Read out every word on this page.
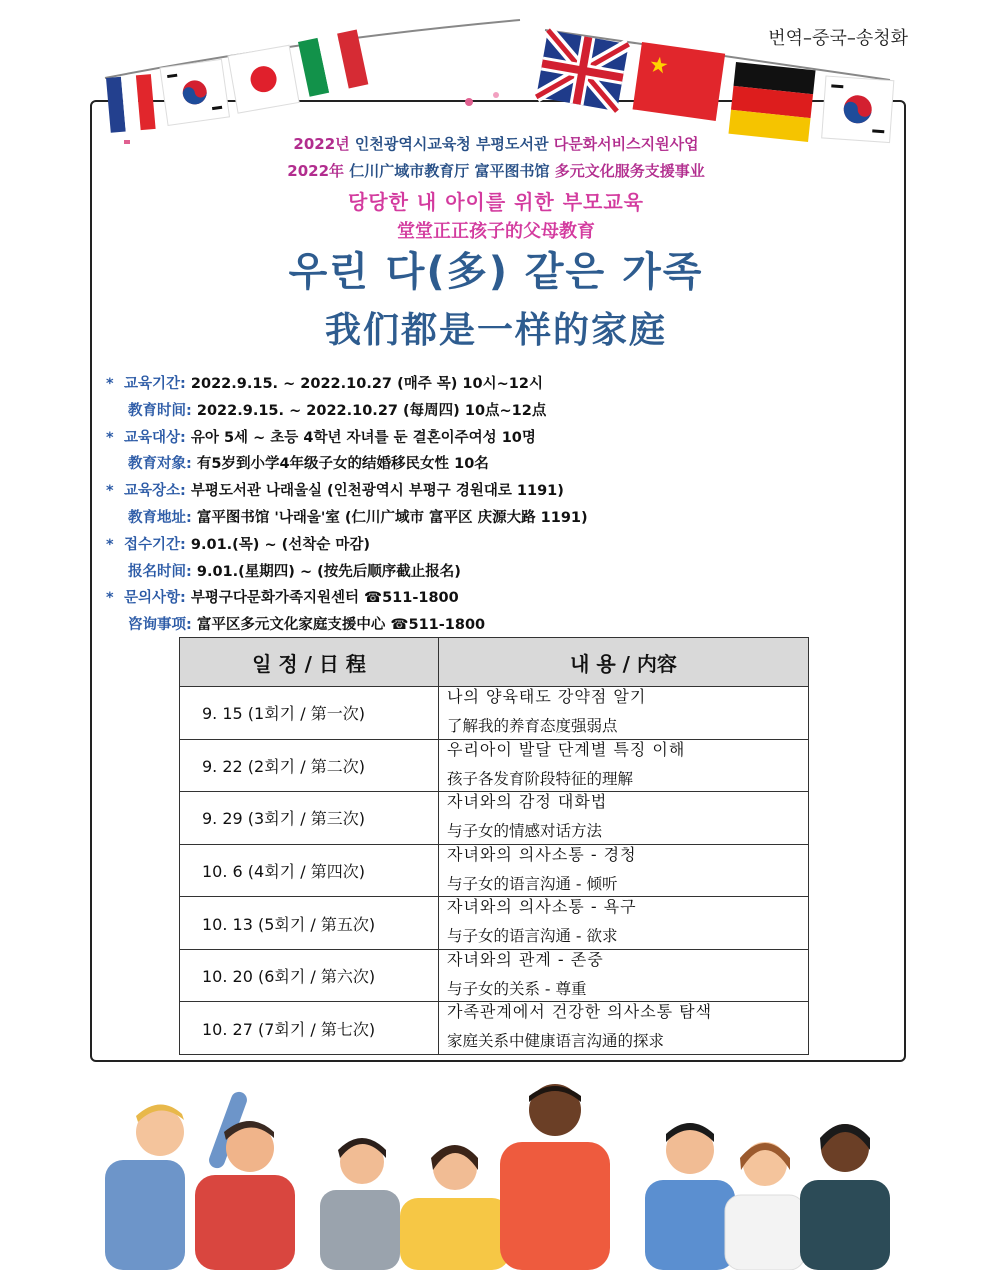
번역–중국–송청화
★
2022년 인천광역시교육청 부평도서관 다문화서비스지원사업
2022年 仁川广域市教育厅 富平图书馆 多元文化服务支援事业
당당한 내 아이를 위한 부모교육
堂堂正正孩子的父母教育
우린 다(多) 같은 가족
我们都是一样的家庭
* 교육기간: 2022.9.15. ~ 2022.10.27 (매주 목) 10시~12시
教育时间: 2022.9.15. ~ 2022.10.27 (每周四) 10点~12点
* 교육대상: 유아 5세 ~ 초등 4학년 자녀를 둔 결혼이주여성 10명
教育对象: 有5岁到小学4年级子女的结婚移民女性 10名
* 교육장소: 부평도서관 나래울실 (인천광역시 부평구 경원대로 1191)
教育地址: 富平图书馆 '나래울'室 (仁川广域市 富平区 庆源大路 1191)
* 접수기간: 9.01.(목) ~ (선착순 마감)
报名时间: 9.01.(星期四) ~ (按先后顺序截止报名)
* 문의사항: 부평구다문화가족지원센터 ☎511-1800
咨询事项: 富平区多元文化家庭支援中心 ☎511-1800
일 정 / 日 程	내 용 / 内容
9. 15 (1회기 / 第一次)	나의 양육태도 강약점 알기
了解我的养育态度强弱点

9. 22 (2회기 / 第二次)	우리아이 발달 단계별 특징 이해
孩子各发育阶段特征的理解

9. 29 (3회기 / 第三次)	자녀와의 감정 대화법
与子女的情感对话方法

10. 6 (4회기 / 第四次)	자녀와의 의사소통 - 경청
与子女的语言沟通 - 倾听

10. 13 (5회기 / 第五次)	자녀와의 의사소통 - 욕구
与子女的语言沟通 - 欲求

10. 20 (6회기 / 第六次)	자녀와의 관계 - 존중
与子女的关系 - 尊重

10. 27 (7회기 / 第七次)	가족관계에서 건강한 의사소통 탐색
家庭关系中健康语言沟通的探求
